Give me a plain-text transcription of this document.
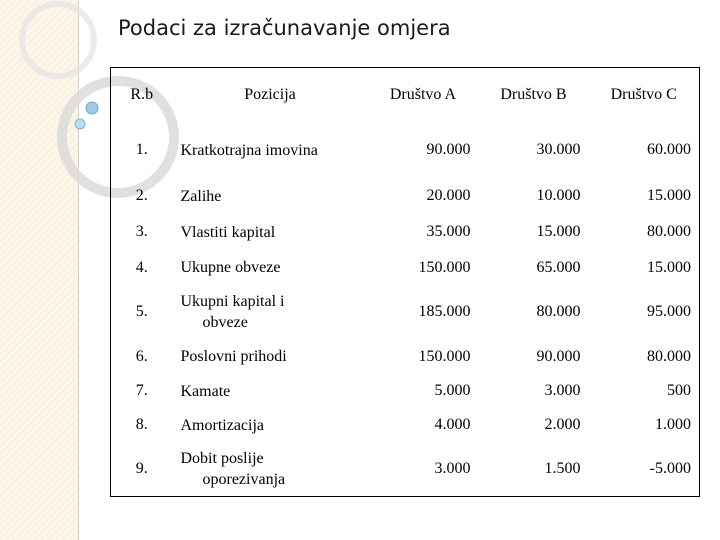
Podaci za izračunavanje omjera
R.b	Pozicija	Društvo A	Društvo B	Društvo C
1.	Kratkotrajna imovina	90.000	30.000	60.000
2.	Zalihe	20.000	10.000	15.000
3.	Vlastiti kapital	35.000	15.000	80.000
4.	Ukupne obveze	150.000	65.000	15.000
5.	Ukupni kapital i
obveze	185.000	80.000	95.000
6.	Poslovni prihodi	150.000	90.000	80.000
7.	Kamate	5.000	3.000	500
8.	Amortizacija	4.000	2.000	1.000
9.	Dobit poslije
oporezivanja	3.000	1.500	-5.000
